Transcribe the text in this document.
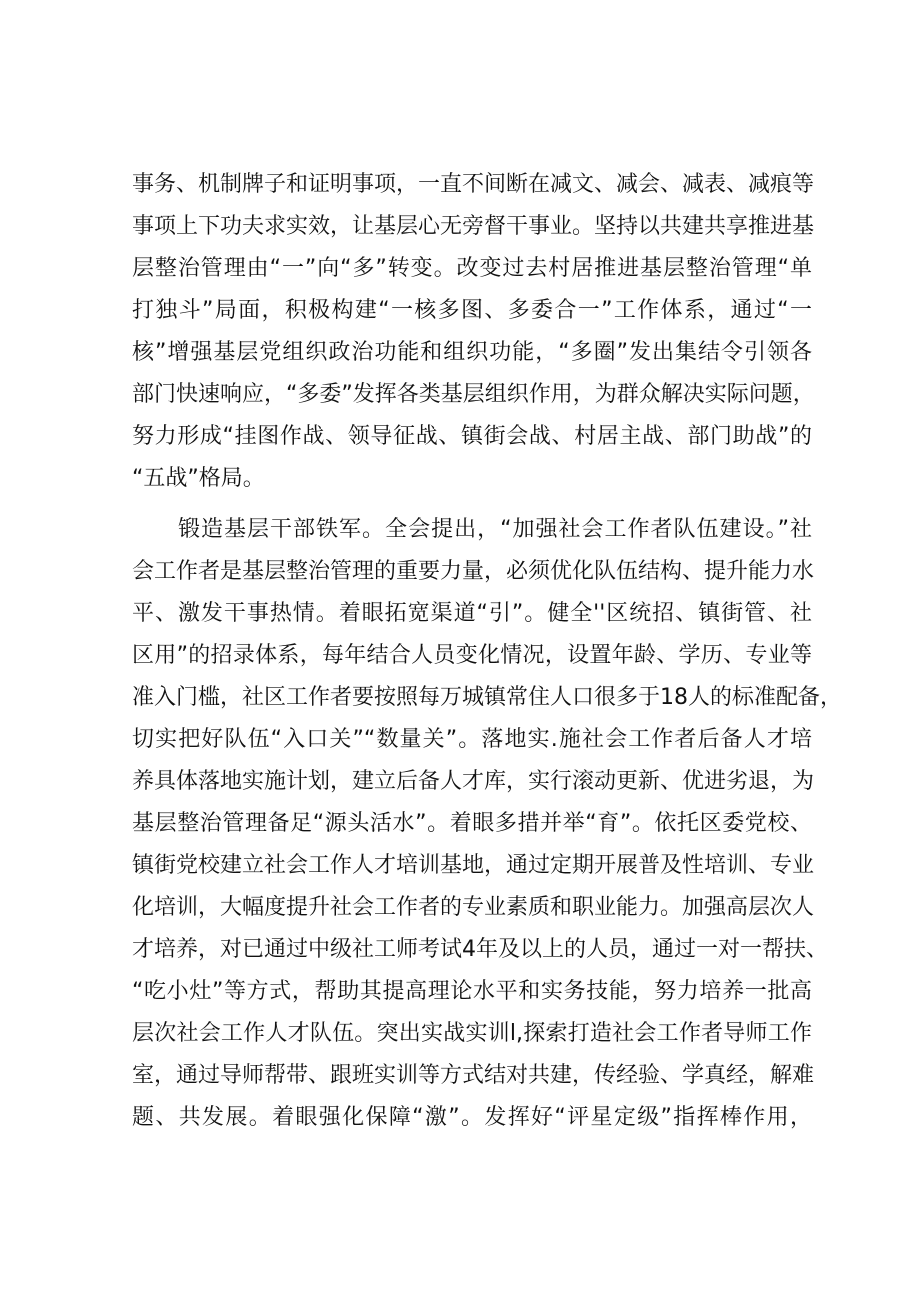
事务、机制牌子和证明事项，一直不间断在减文、减会、减表、减痕等
事项上下功夫求实效，让基层心无旁督干事业。坚持以共建共享推进基
层整治管理由“一”向“多”转变。改变过去村居推进基层整治管理“单
打独斗”局面，积极构建“一核多图、多委合一”工作体系，通过“一
核”增强基层党组织政治功能和组织功能，“多圈”发出集结令引领各
部门快速响应，“多委”发挥各类基层组织作用，为群众解决实际问题，
努力形成“挂图作战、领导征战、镇街会战、村居主战、部门助战”的
“五战”格局。
锻造基层干部铁军。全会提出，“加强社会工作者队伍建设。”社
会工作者是基层整治管理的重要力量，必须优化队伍结构、提升能力水
平、激发干事热情。着眼拓宽渠道“引”。健全''区统招、镇街管、社
区用”的招录体系，每年结合人员变化情况，设置年龄、学历、专业等
准入门槛，社区工作者要按照每万城镇常住人口很多于18人的标准配备，
切实把好队伍“入口关”“数量关”。落地实.施社会工作者后备人才培
养具体落地实施计划，建立后备人才库，实行滚动更新、优进劣退，为
基层整治管理备足“源头活水”。着眼多措并举“育”。依托区委党校、
镇街党校建立社会工作人才培训基地，通过定期开展普及性培训、专业
化培训，大幅度提升社会工作者的专业素质和职业能力。加强高层次人
才培养，对已通过中级社工师考试4年及以上的人员，通过一对一帮扶、
“吃小灶”等方式，帮助其提高理论水平和实务技能，努力培养一批高
层次社会工作人才队伍。突出实战实训l,探索打造社会工作者导师工作
室，通过导师帮带、跟班实训等方式结对共建，传经验、学真经，解难
题、共发展。着眼强化保障“激”。发挥好“评星定级”指挥棒作用，
